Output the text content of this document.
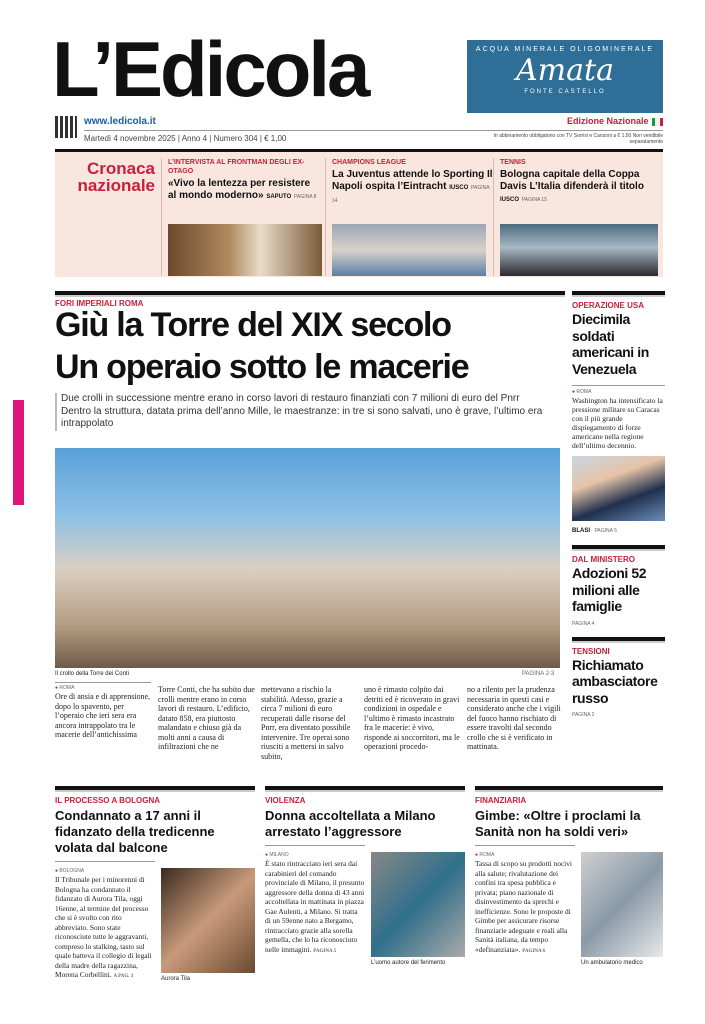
L’Edicola	ACQUA MINERALE OLIGOMINERALE
Amata
FONTE CASTELLO
www.ledicola.it	Edizione Nazionale
Martedì 4 novembre 2025 | Anno 4 | Numero 304 | € 1,00	In abbinamento obbligatorio con TV Sorrisi e Canzoni a € 1,50 Non vendibile separatamente
Cronaca nazionale
L’INTERVISTA AL FRONTMAN DEGLI EX-OTAGO
«Vivo la lentezza per resistere al mondo moderno» SAPUTO PAGINA 8
CHAMPIONS LEAGUE
La Juventus attende lo Sporting Il Napoli ospita l’Eintracht IUSCO PAGINA 14
TENNIS
Bologna capitale della Coppa Davis L’Italia difenderà il titolo IUSCO PAGINA 15
FORI IMPERIALI ROMA
Giù la Torre del XIX secolo
Un operaio sotto le macerie
Due crolli in successione mentre erano in corso lavori di restauro finanziati con 7 milioni di euro del Pnrr
Dentro la struttura, datata prima dell’anno Mille, le maestranze: in tre si sono salvati, uno è grave, l’ultimo era intrappolato
Il crollo della Torre dei Conti	PAGINA 2-3
● ROMA
Ore di ansia e di apprensione, dopo lo spavento, per l’operaio che ieri sera era ancora intrappolato tra le macerie dell’antichissima
Torre Conti, che ha subito due crolli mentre erano in corso lavori di restauro. L’edificio, datato 858, era piuttosto malandato e chiuso già da molti anni a causa di infiltrazioni che ne
mettevano a rischio la stabilità. Adesso, grazie a circa 7 milioni di euro recuperati dalle risorse del Pnrr, era diventato possibile intervenire. Tre operai sono riusciti a mettersi in salvo subito,
uno è rimasto colpito dai detriti ed è ricoverato in gravi condizioni in ospedale e l’ultimo è rimasto incastrato fra le macerie: è vivo, risponde ai soccorritori, ma le operazioni procedo-
no a rilento per la prudenza necessaria in questi casi e considerato anche che i vigili del fuoco hanno rischiato di essere travolti dal secondo crollo che si è verificato in mattinata.
OPERAZIONE USA
Diecimila soldati americani in Venezuela
● ROMA
Washington ha intensificato la pressione militare su Caracas con il più grande dispiegamento di forze americane nella regione dell’ultimo decennio.
BLASI PAGINA 5
DAL MINISTERO
Adozioni 52 milioni alle famiglie
PAGINA 4
TENSIONI
Richiamato ambasciatore russo
PAGINA 2
IL PROCESSO A BOLOGNA
Condannato a 17 anni il fidanzato della tredicenne volata dal balcone
● BOLOGNA
Il Tribunale per i minorenni di Bologna ha condannato il fidanzato di Aurora Tila, oggi 16enne, al termine del processo che si è svolto con rito abbreviato. Sono state riconosciute tutte le aggravanti, compreso lo stalking, tasto sul quale batteva il collegio di legali della madre della ragazzina, Morena Corbellini. A PAG. 3	Aurora Tila
VIOLENZA
Donna accoltellata a Milano arrestato l’aggressore
● MILANO
È stato rintracciato ieri sera dai carabinieri del comando provinciale di Milano, il presunto aggressore della donna di 43 anni accoltellata in mattinata in piazza Gae Aulenti, a Milano. Si tratta di un 59enne nato a Bergamo, rintracciato grazie alla sorella gemella, che lo ha riconosciuto nelle immagini. PAGINA 5
L’uomo autore del ferimento
FINANZIARIA
Gimbe: «Oltre i proclami la Sanità non ha soldi veri»
● ROMA
Tassa di scopo su prodotti nocivi alla salute; rivalutazione dei confini tra spesa pubblica e privata; piano nazionale di disinvestimento da sprechi e inefficienze. Sono le proposte di Gimbe per assicurare risorse finanziarie adeguate e reali alla Sanità italiana, da tempo «definanziata». PAGINA 6
Un ambulatorio medico
